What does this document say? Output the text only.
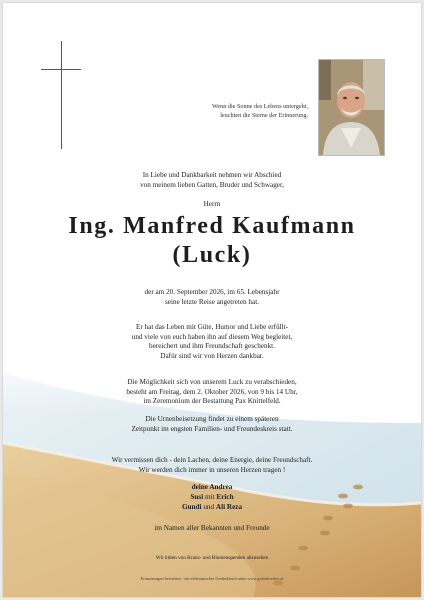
Wenn die Sonne des Lebens untergeht,
leuchten die Sterne der Erinnerung.
In Liebe und Dankbarkeit nehmen wir Abschied
von meinem lieben Gatten, Bruder und Schwager,
Herrn
Ing. Manfred Kaufmann
(Luck)
der am 20. September 2026, im 65. Lebensjahr
seine letzte Reise angetreten hat.
Er hat das Leben mit Güte, Humor und Liebe erfüllt-
und viele von euch haben ihn auf diesem Weg begleitet,
bereichert und ihm Freundschaft geschenkt.
Dafür sind wir von Herzen dankbar.
Die Möglichkeit sich von unserem Luck zu verabschieden,
besteht am Freitag, dem 2. Oktober 2026, von 9 bis 14 Uhr,
im Zeremonium der Bestattung Pax Knittelfeld.
Die Urnenbeisetzung findet zu einem späteren
Zeitpunkt im engsten Familien- und Freundeskreis statt.
Wir vermissen dich - dein Lachen, deine Energie, deine Freundschaft.
Wir werden dich immer in unseren Herzen tragen !
deine Andrea
Susi mit Erich
Gundi und Ali Reza
im Namen aller Bekannten und Freunde
Wir bitten von Kranz- und Blumenspenden abzusehen
Erinnerungen bewahren - ein elektronisches Gedenkbuch unter www.gedenkseiten.at
